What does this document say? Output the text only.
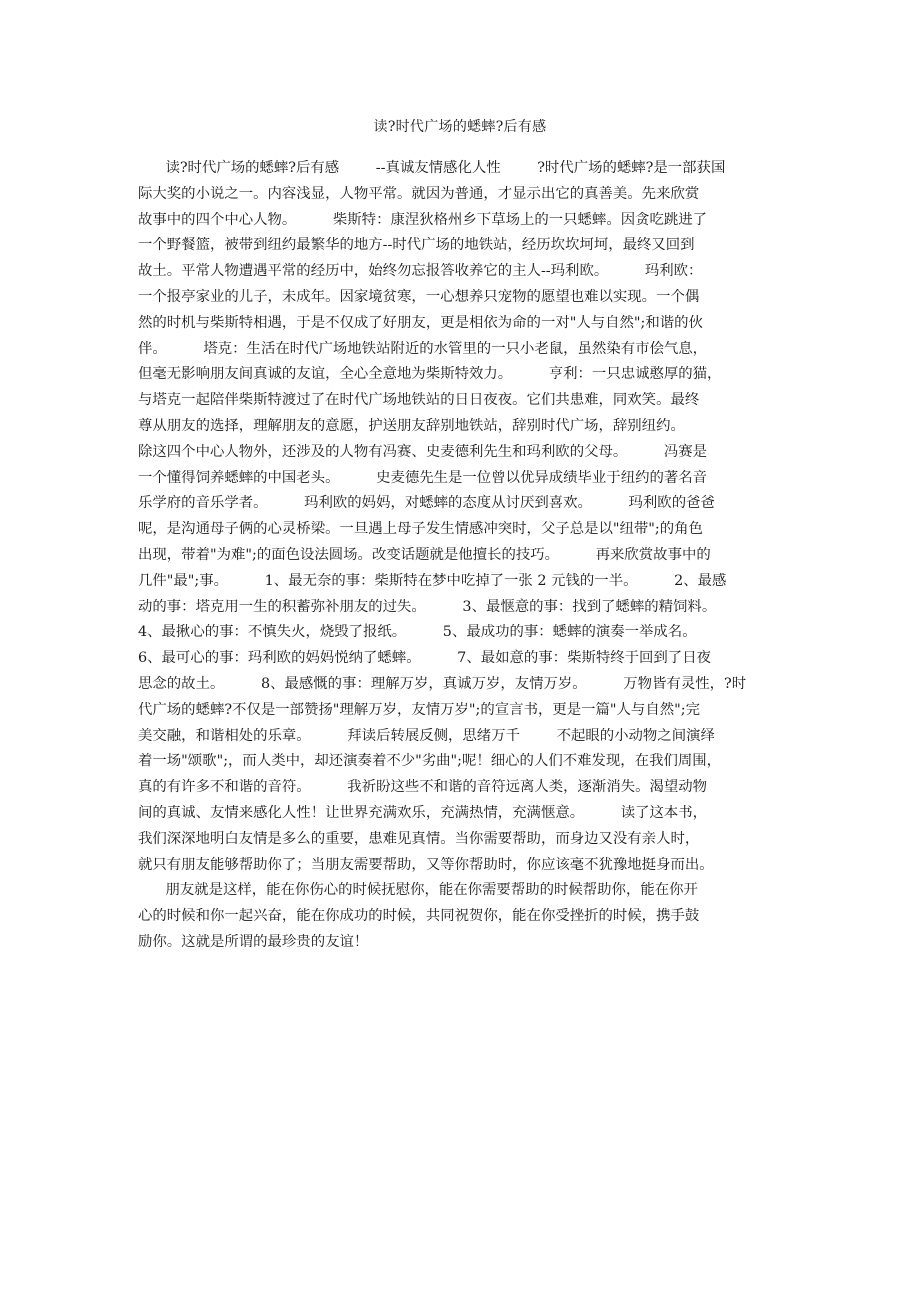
读?时代广场的蟋蟀?后有感
读?时代广场的蟋蟀?后有感        --真诚友情感化人性        ?时代广场的蟋蟀?是一部获国
际大奖的小说之一。内容浅显，人物平常。就因为普通，才显示出它的真善美。先来欣赏
故事中的四个中心人物。        柴斯特：康涅狄格州乡下草场上的一只蟋蟀。因贪吃跳进了
一个野餐篮，被带到纽约最繁华的地方--时代广场的地铁站，经历坎坎坷坷，最终又回到
故土。平常人物遭遇平常的经历中，始终勿忘报答收养它的主人--玛利欧。        玛利欧：
一个报亭家业的儿子，未成年。因家境贫寒，一心想养只宠物的愿望也难以实现。一个偶
然的时机与柴斯特相遇，于是不仅成了好朋友，更是相依为命的一对"人与自然";和谐的伙
伴。        塔克：生活在时代广场地铁站附近的水管里的一只小老鼠，虽然染有市侩气息，
但毫无影响朋友间真诚的友谊，全心全意地为柴斯特效力。        亨利：一只忠诚憨厚的猫，
与塔克一起陪伴柴斯特渡过了在时代广场地铁站的日日夜夜。它们共患难，同欢笑。最终
尊从朋友的选择，理解朋友的意愿，护送朋友辞别地铁站，辞别时代广场，辞别纽约。
除这四个中心人物外，还涉及的人物有冯赛、史麦德利先生和玛利欧的父母。        冯赛是
一个懂得饲养蟋蟀的中国老头。        史麦德先生是一位曾以优异成绩毕业于纽约的著名音
乐学府的音乐学者。        玛利欧的妈妈，对蟋蟀的态度从讨厌到喜欢。        玛利欧的爸爸
呢，是沟通母子俩的心灵桥梁。一旦遇上母子发生情感冲突时，父子总是以"纽带";的角色
出现，带着"为难";的面色设法圆场。改变话题就是他擅长的技巧。        再来欣赏故事中的
几件"最";事。        1、最无奈的事：柴斯特在梦中吃掉了一张 2 元钱的一半。        2、最感
动的事：塔克用一生的积蓄弥补朋友的过失。        3、最惬意的事：找到了蟋蟀的精饲料。
4、最揪心的事：不慎失火，烧毁了报纸。        5、最成功的事：蟋蟀的演奏一举成名。
6、最可心的事：玛利欧的妈妈悦纳了蟋蟀。        7、最如意的事：柴斯特终于回到了日夜
思念的故土。        8、最感慨的事：理解万岁，真诚万岁，友情万岁。        万物皆有灵性，?时
代广场的蟋蟀?不仅是一部赞扬"理解万岁，友情万岁";的宣言书，更是一篇"人与自然";完
美交融，和谐相处的乐章。        拜读后转展反侧，思绪万千        不起眼的小动物之间演绎
着一场"颂歌";，而人类中，却还演奏着不少"劣曲";呢！细心的人们不难发现，在我们周围，
真的有许多不和谐的音符。        我祈盼这些不和谐的音符远离人类，逐渐消失。渴望动物
间的真诚、友情来感化人性！让世界充满欢乐，充满热情，充满惬意。        读了这本书，
我们深深地明白友情是多么的重要，患难见真情。当你需要帮助，而身边又没有亲人时，
就只有朋友能够帮助你了；当朋友需要帮助，又等你帮助时，你应该毫不犹豫地挺身而出。
朋友就是这样，能在你伤心的时候抚慰你，能在你需要帮助的时候帮助你，能在你开
心的时候和你一起兴奋，能在你成功的时候，共同祝贺你，能在你受挫折的时候，携手鼓
励你。这就是所谓的最珍贵的友谊！
